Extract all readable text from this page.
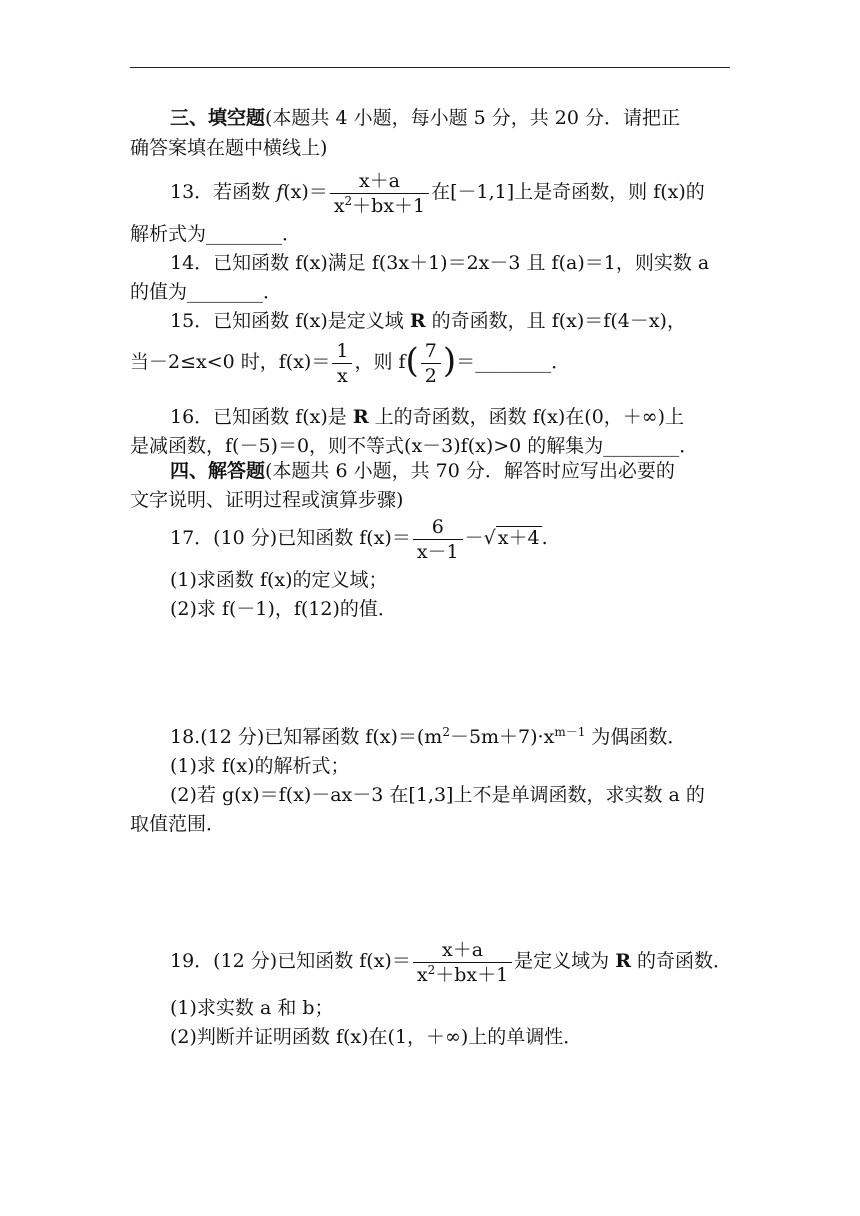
三、填空题(本题共 4 小题，每小题 5 分，共 20 分．请把正
确答案填在题中横线上)
13．若函数 $f(x)= \frac{x+a}{x^2+bx+1}$ 在[－1,1]上是奇函数，则 f(x)的
解析式为________．
14．已知函数 f(x)满足 f(3x＋1)＝2x－3 且 f(a)＝1，则实数 a
的值为________．
15．已知函数 f(x)是定义域 R 的奇函数，且 f(x)＝f(4－x)，
当－2≤x<0 时，$f(x)= \frac{1}{x}$ ，则 $f( \frac{7}{2}$ )＝________．
16．已知函数 f(x)是 R 上的奇函数，函数 f(x)在(0，＋∞)上
是减函数，f(－5)＝0，则不等式(x－3)f(x)>0 的解集为________．
四、解答题(本题共 6 小题，共 70 分．解答时应写出必要的
文字说明、证明过程或演算步骤)
17．(10 分)已知函数 $f(x)= \frac{6}{x-1}$ －√ x＋4 .
(1)求函数 f(x)的定义域；
(2)求 f(－1)，f(12)的值．
18.(12 分)已知幂函数 $f(x)=(m^2-5m+7)\cdot x^{m-1}$ 为偶函数．
(1)求 f(x)的解析式；
(2)若 g(x)＝f(x)－ax－3 在[1,3]上不是单调函数，求实数 a 的
取值范围．
19．(12 分)已知函数 $f(x)= \frac{x+a}{x^2+bx+1}$ 是定义域为 R 的奇函数．
(1)求实数 a 和 b；
(2)判断并证明函数 f(x)在(1，＋∞)上的单调性．
